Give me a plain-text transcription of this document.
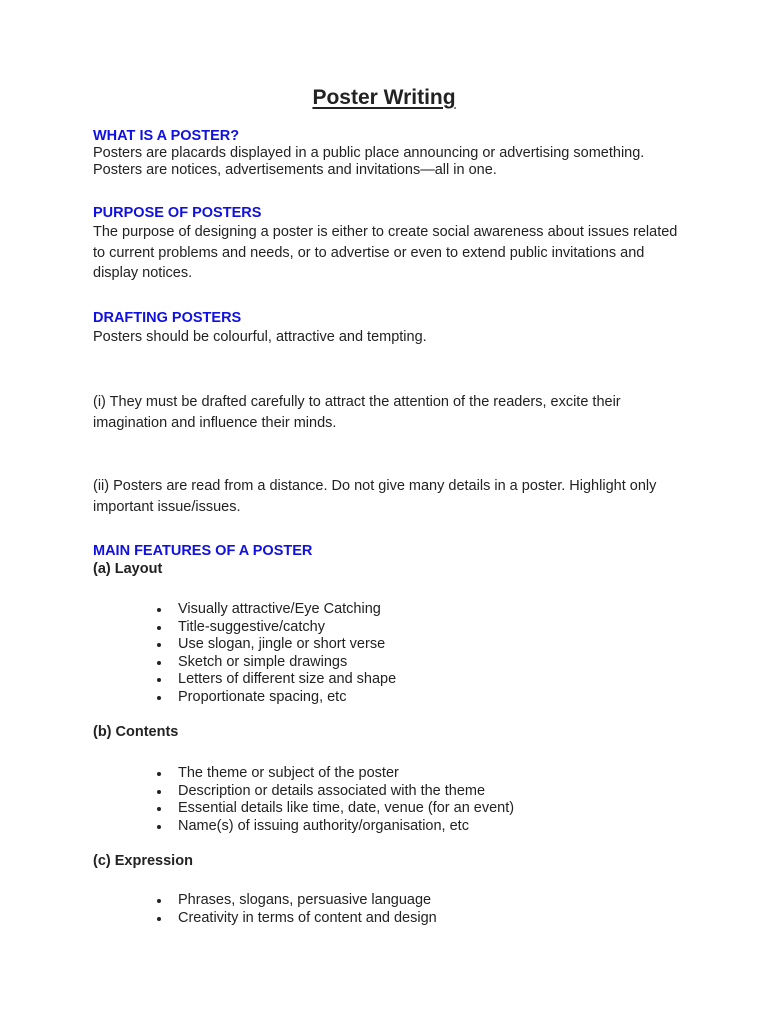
Poster Writing

WHAT IS A POSTER?

Posters are placards displayed in a public place announcing or advertising something. Posters are notices, advertisements and invitations—all in one.

PURPOSE OF POSTERS

The purpose of designing a poster is either to create social awareness about issues related to current problems and needs, or to advertise or even to extend public invitations and display notices.

DRAFTING POSTERS

Posters should be colourful, attractive and tempting.

(i) They must be drafted carefully to attract the attention of the readers, excite their imagination and influence their minds.

(ii) Posters are read from a distance. Do not give many details in a poster. Highlight only important issue/issues.

MAIN FEATURES OF A POSTER

(a) Layout

Visually attractive/Eye Catching
Title-suggestive/catchy
Use slogan, jingle or short verse
Sketch or simple drawings
Letters of different size and shape
Proportionate spacing, etc

(b) Contents

The theme or subject of the poster
Description or details associated with the theme
Essential details like time, date, venue (for an event)
Name(s) of issuing authority/organisation, etc

(c) Expression

Phrases, slogans, persuasive language
Creativity in terms of content and design
